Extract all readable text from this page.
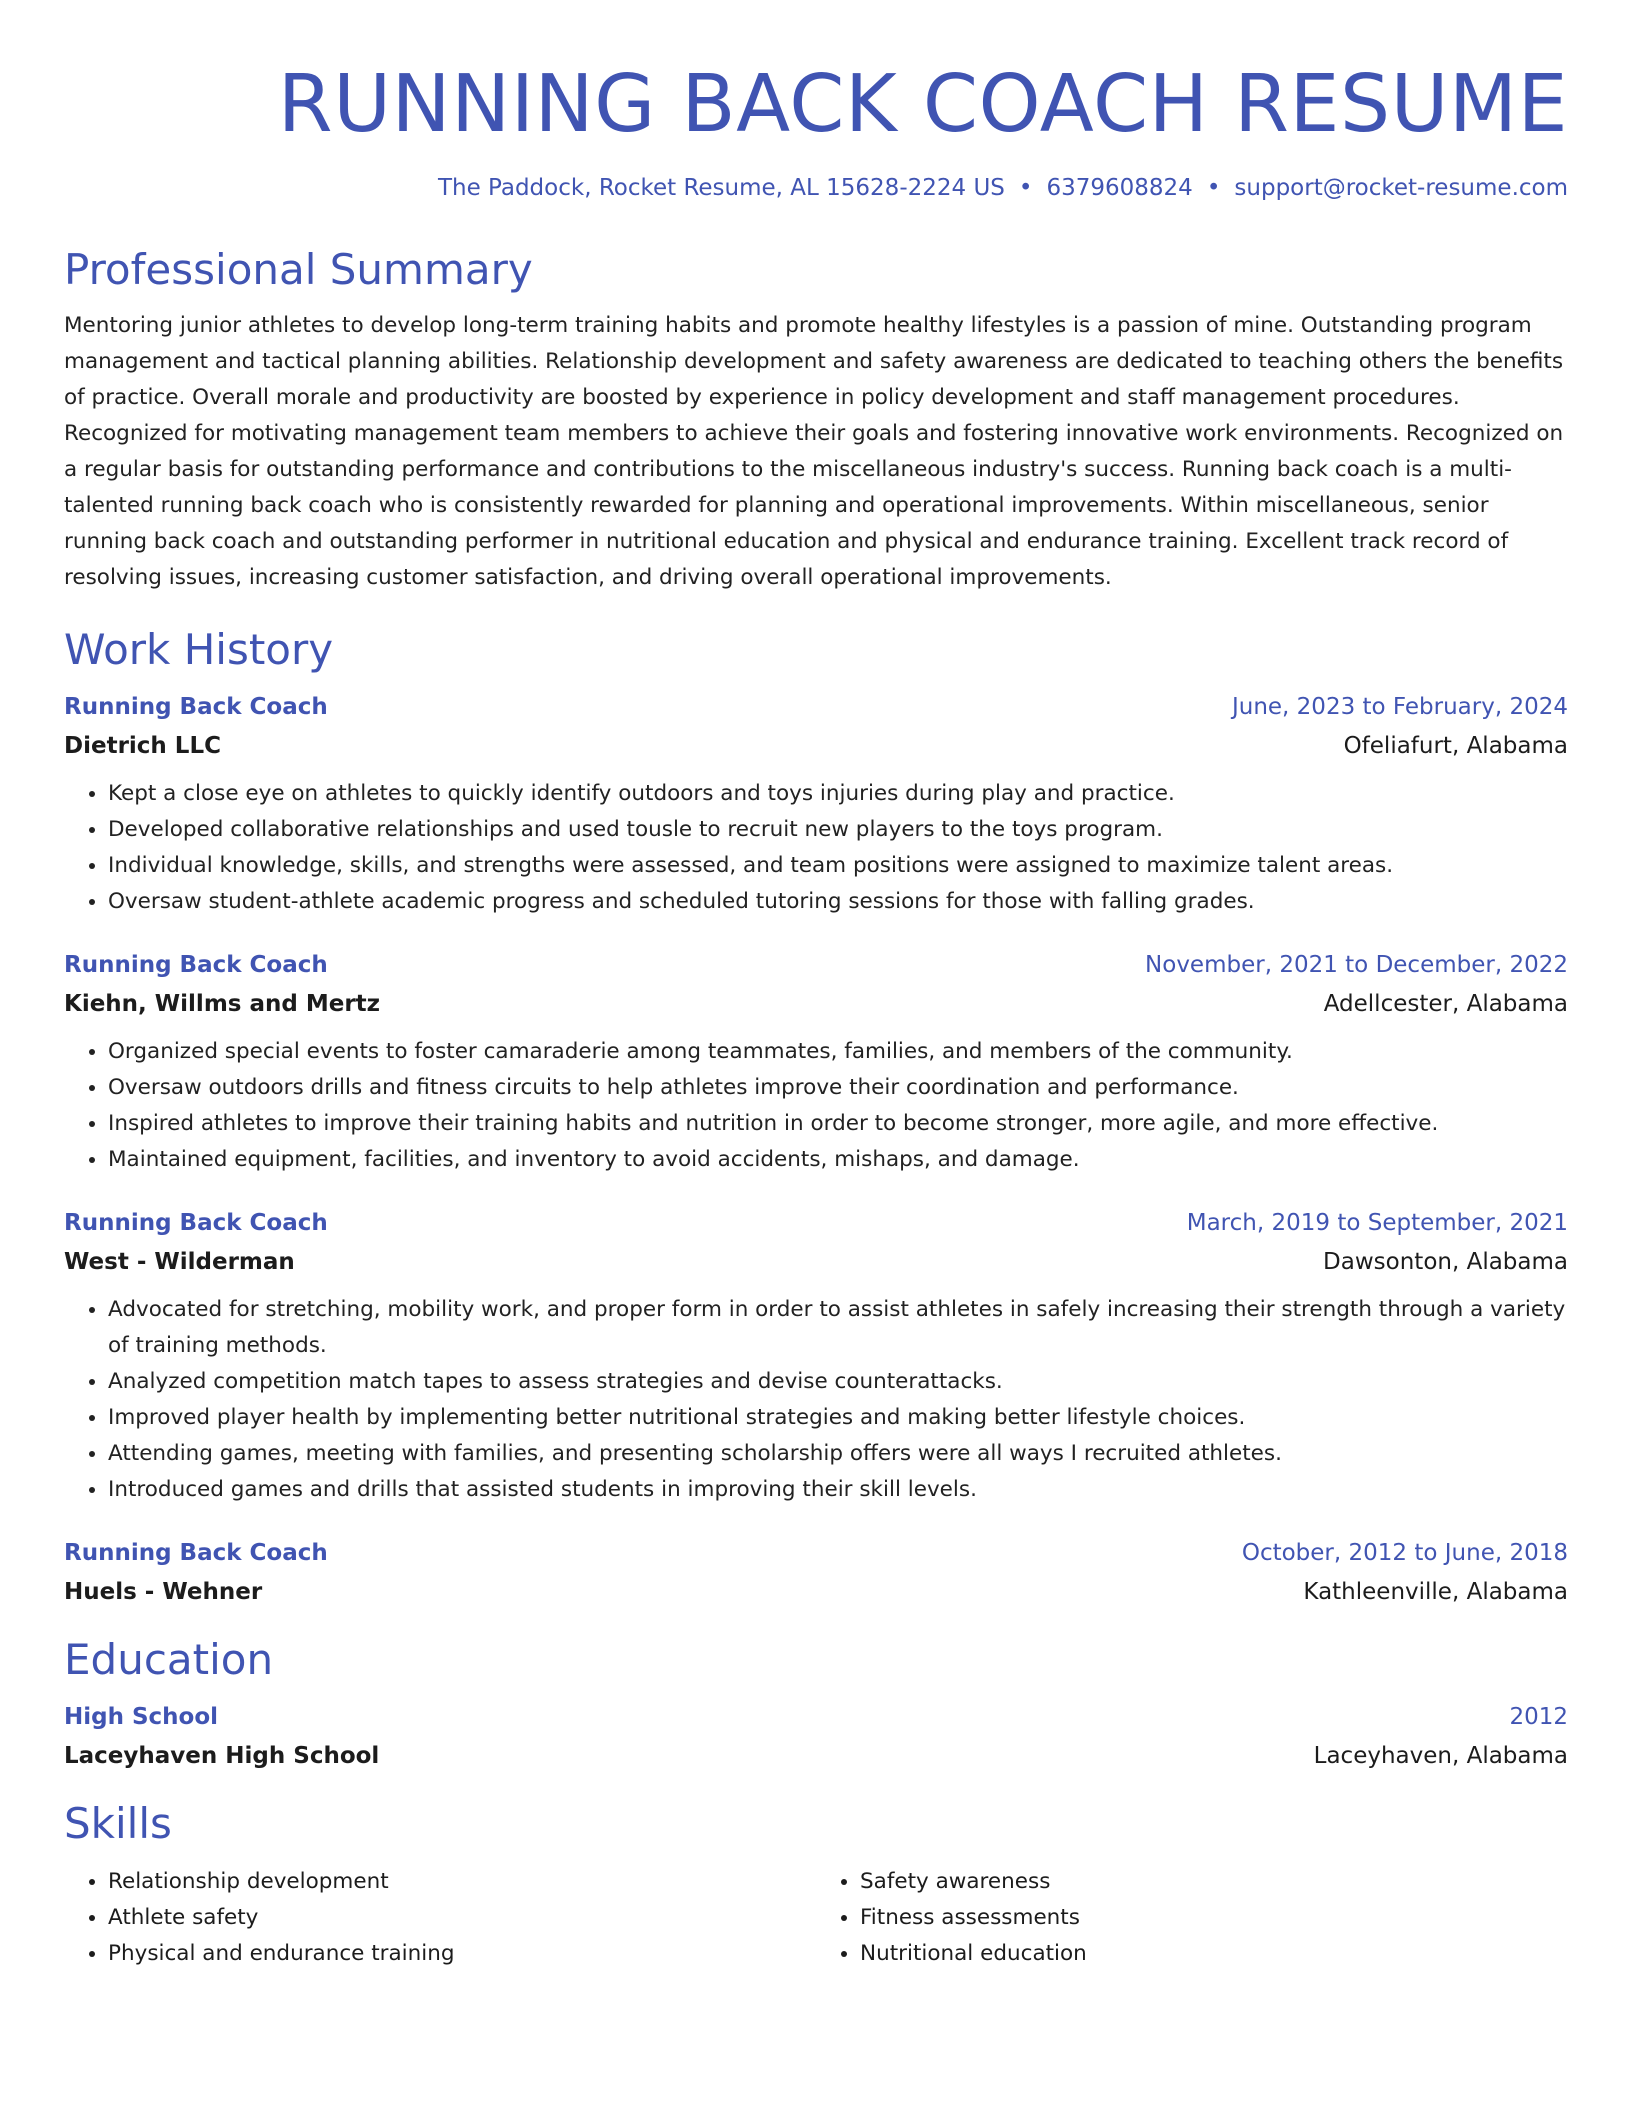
RUNNING BACK COACH RESUME
The Paddock, Rocket Resume, AL 15628-2224 US • 6379608824 • support@rocket-resume.com
Professional Summary

Mentoring junior athletes to develop long-term training habits and promote healthy lifestyles is a passion of mine. Outstanding program management and tactical planning abilities. Relationship development and safety awareness are dedicated to teaching others the benefits of practice. Overall morale and productivity are boosted by experience in policy development and staff management procedures. Recognized for motivating management team members to achieve their goals and fostering innovative work environments. Recognized on a regular basis for outstanding performance and contributions to the miscellaneous industry's success. Running back coach is a multi-talented running back coach who is consistently rewarded for planning and operational improvements. Within miscellaneous, senior running back coach and outstanding performer in nutritional education and physical and endurance training. Excellent track record of resolving issues, increasing customer satisfaction, and driving overall operational improvements.

Work History
Running Back Coach	June, 2023 to February, 2024
Dietrich LLC	Ofeliafurt, Alabama
• Kept a close eye on athletes to quickly identify outdoors and toys injuries during play and practice.
• Developed collaborative relationships and used tousle to recruit new players to the toys program.
• Individual knowledge, skills, and strengths were assessed, and team positions were assigned to maximize talent areas.
• Oversaw student-athlete academic progress and scheduled tutoring sessions for those with falling grades.
Running Back Coach	November, 2021 to December, 2022
Kiehn, Willms and Mertz	Adellcester, Alabama
• Organized special events to foster camaraderie among teammates, families, and members of the community.
• Oversaw outdoors drills and fitness circuits to help athletes improve their coordination and performance.
• Inspired athletes to improve their training habits and nutrition in order to become stronger, more agile, and more effective.
• Maintained equipment, facilities, and inventory to avoid accidents, mishaps, and damage.
Running Back Coach	March, 2019 to September, 2021
West - Wilderman	Dawsonton, Alabama
• Advocated for stretching, mobility work, and proper form in order to assist athletes in safely increasing their strength through a variety of training methods.
• Analyzed competition match tapes to assess strategies and devise counterattacks.
• Improved player health by implementing better nutritional strategies and making better lifestyle choices.
• Attending games, meeting with families, and presenting scholarship offers were all ways I recruited athletes.
• Introduced games and drills that assisted students in improving their skill levels.
Running Back Coach	October, 2012 to June, 2018
Huels - Wehner	Kathleenville, Alabama
Education
High School	2012
Laceyhaven High School	Laceyhaven, Alabama
Skills
• Relationship development
• Athlete safety
• Physical and endurance training
• Safety awareness
• Fitness assessments
• Nutritional education
